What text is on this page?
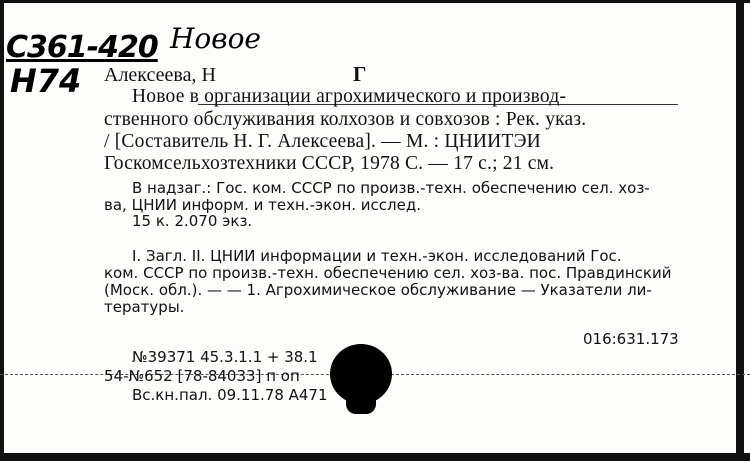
С361-420
Н74
Новое
Алексеева, Н	Г
Новое в организации агрохимического и производ-
ственного обслуживания колхозов и совхозов : Рек. указ.
/ [Составитель Н. Г. Алексеева]. — М. : ЦНИИТЭИ
Госкомсельхозтехники СССР, 1978 С. — 17 с.; 21 см.
В надзаг.: Гос. ком. СССР по произв.-техн. обеспечению сел. хоз-
ва, ЦНИИ информ. и техн.-экон. исслед.
15 к. 2.070 экз.
I. Загл. II. ЦНИИ информации и техн.-экон. исследований Гос.
ком. СССР по произв.-техн. обеспечению сел. хоз-ва. пос. Правдинский
(Моск. обл.). — — 1. Агрохимическое обслуживание — Указатели ли-
тературы.
016:631.173
№39371 45.3.1.1 + 38.1
54-№652 [78-84033] п оп
Вс.кн.пал. 09.11.78 А471
